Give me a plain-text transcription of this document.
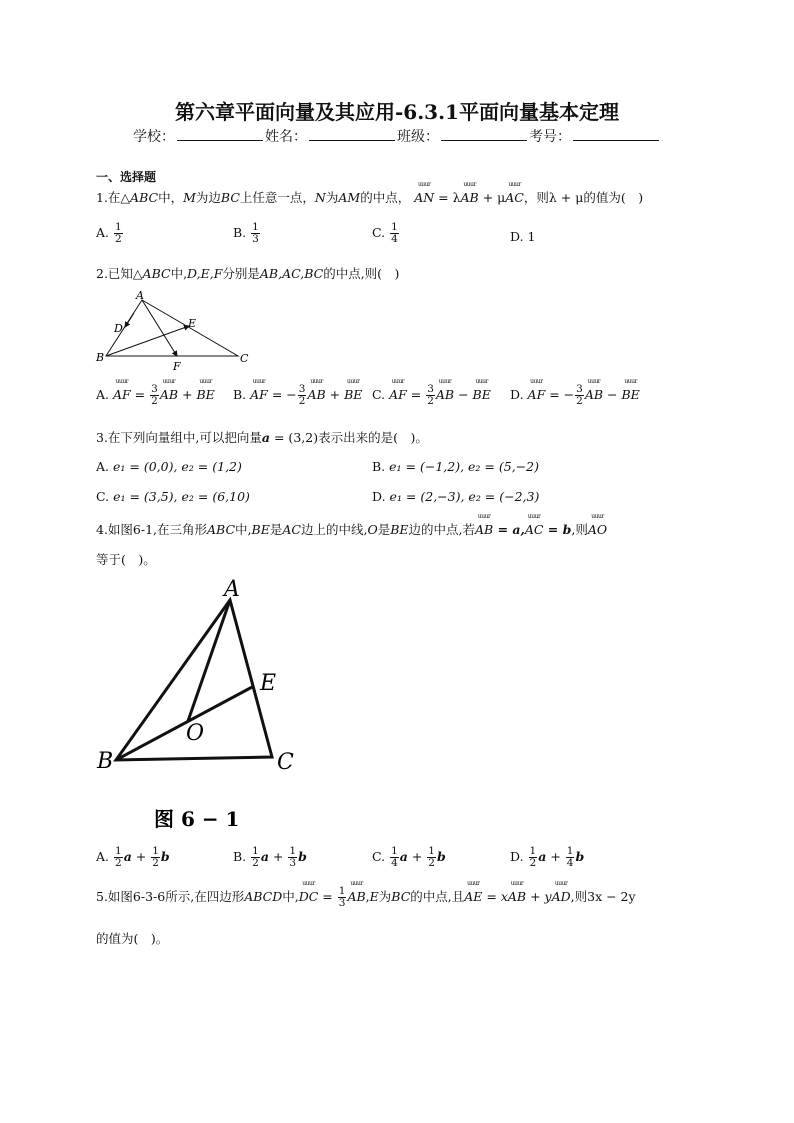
第六章平面向量及其应用-6.3.1平面向量基本定理
学校：	姓名：	班级：	考号：
一、选择题
1.在△ABC中，M为边BC上任意一点，N为AM的中点， uuur AN = λuuur AB + μuuur AC，则λ + μ的值为(　)
A. $\frac{1}{2}$	B. $\frac{1}{3}$	C. $\frac{1}{4}$	D. 1
2.已知△ABC中,D,E,F分别是AB,AC,BC的中点,则(　)
A
B	C
D	E
F
A. uuur AF = $\frac{3}{2}$ uuur AB + uuur BE B. uuur AF = − $\frac{3}{2}$ uuur AB + uuur BE C. uuur AF = $\frac{3}{2}$ uuur AB − uuur BE D. uuur AF = − $\frac{3}{2}$ uuur AB − uuur BE
3.在下列向量组中,可以把向量a = (3,2)表示出来的是(　)。
A. e₁ = (0,0), e₂ = (1,2)	B. e₁ = (−1,2), e₂ = (5,−2)
C. e₁ = (3,5), e₂ = (6,10)	D. e₁ = (2,−3), e₂ = (−2,3)
4.如图6-1,在三角形ABC中,BE是AC边上的中线,O是BE边的中点,若uuur AB = a,uuur AC = b,则uuur AO
等于(　)。
A
B	C
E
O
图 6 − 1
A. $\frac{1}{2}$ $a + \frac{1}{2}$ b	B. $\frac{1}{2}$ $a + \frac{1}{3}$ b	C. $\frac{1}{4}$ $a + \frac{1}{2}$ b	D. $\frac{1}{2}$ $a + \frac{1}{4}$ b
5.如图6-3-6所示,在四边形ABCD中,uuur DC = $\frac{1}{3}$ uuur AB,E为BC的中点,且uuur AE = xuuur AB + yuuur AD,则3x − 2y
的值为(　)。
